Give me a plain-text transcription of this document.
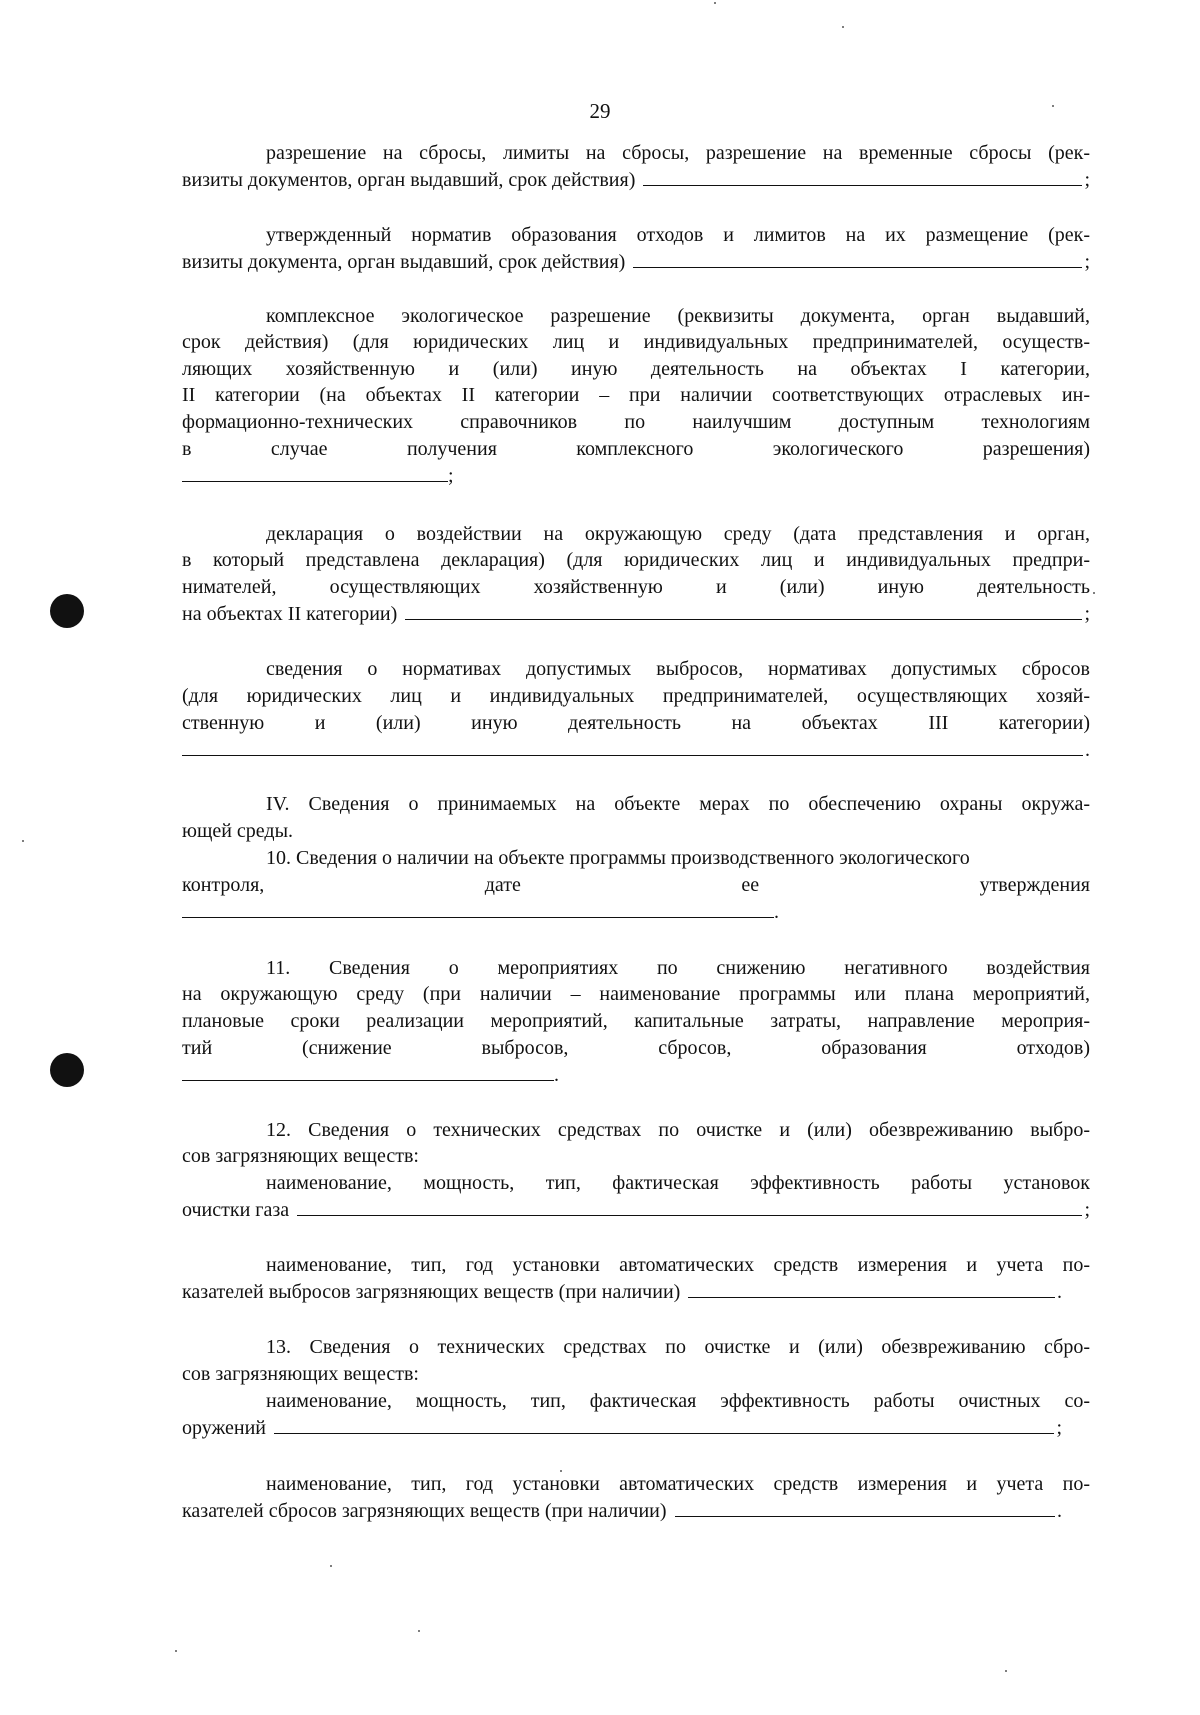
29
разрешение на сбросы, лимиты на сбросы, разрешение на временные сбросы (рек-
визиты документов, орган выдавший, срок действия)	;
утвержденный норматив образования отходов и лимитов на их размещение (рек-
визиты документа, орган выдавший, срок действия)	;
комплексное экологическое разрешение (реквизиты документа, орган выдавший,
срок действия) (для юридических лиц и индивидуальных предпринимателей, осуществ-
ляющих хозяйственную и (или) иную деятельность на объектах I категории,
II категории (на объектах II категории – при наличии соответствующих отраслевых ин-
формационно-технических справочников по наилучшим доступным технологиям
в случае получения комплексного экологического разрешения)
;
декларация о воздействии на окружающую среду (дата представления и орган,
в который представлена декларация) (для юридических лиц и индивидуальных предпри-
нимателей, осуществляющих хозяйственную и (или) иную деятельность
на объектах II категории)	;
сведения о нормативах допустимых выбросов, нормативах допустимых сбросов
(для юридических лиц и индивидуальных предпринимателей, осуществляющих хозяй-
ственную и (или) иную деятельность на объектах III категории)
.
IV. Сведения о принимаемых на объекте мерах по обеспечению охраны окружа-
ющей среды.
10. Сведения о наличии на объекте программы производственного экологического
контроля, дате ее утверждения
.
11. Сведения о мероприятиях по снижению негативного воздействия
на окружающую среду (при наличии – наименование программы или плана мероприятий,
плановые сроки реализации мероприятий, капитальные затраты, направление мероприя-
тий (снижение выбросов, сбросов, образования отходов)
.
12. Сведения о технических средствах по очистке и (или) обезвреживанию выбро-
сов загрязняющих веществ:
наименование, мощность, тип, фактическая эффективность работы установок
очистки газа	;
наименование, тип, год установки автоматических средств измерения и учета по-
казателей выбросов загрязняющих веществ (при наличии)	.
13. Сведения о технических средствах по очистке и (или) обезвреживанию сбро-
сов загрязняющих веществ:
наименование, мощность, тип, фактическая эффективность работы очистных со-
оружений	;
наименование, тип, год установки автоматических средств измерения и учета по-
казателей сбросов загрязняющих веществ (при наличии)	.
